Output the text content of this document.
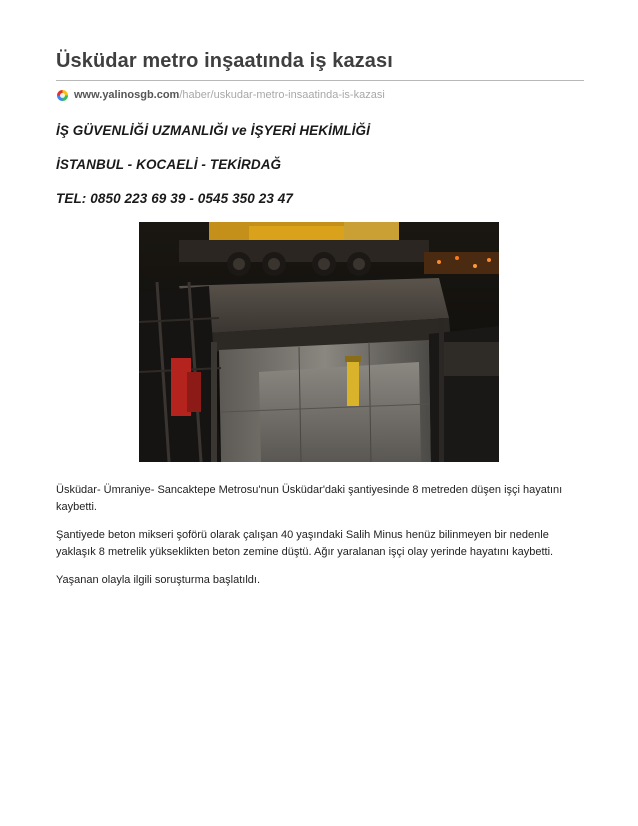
Üsküdar metro inşaatında iş kazası
www.yalinosgb.com /haber/uskudar-metro-insaatinda-is-kazasi

İŞ GÜVENLİĞİ UZMANLIĞI ve İŞYERİ HEKİMLİĞİ

İSTANBUL - KOCAELİ - TEKİRDAĞ

TEL: 0850 223 69 39 - 0545 350 23 47

Üsküdar- Ümraniye- Sancaktepe Metrosu'nun Üsküdar'daki şantiyesinde 8 metreden düşen işçi hayatını kaybetti.

Şantiyede beton mikseri şoförü olarak çalışan 40 yaşındaki Salih Minus henüz bilinmeyen bir nedenle yaklaşık 8 metrelik yükseklikten beton zemine düştü. Ağır yaralanan işçi olay yerinde hayatını kaybetti.

Yaşanan olayla ilgili soruşturma başlatıldı.
